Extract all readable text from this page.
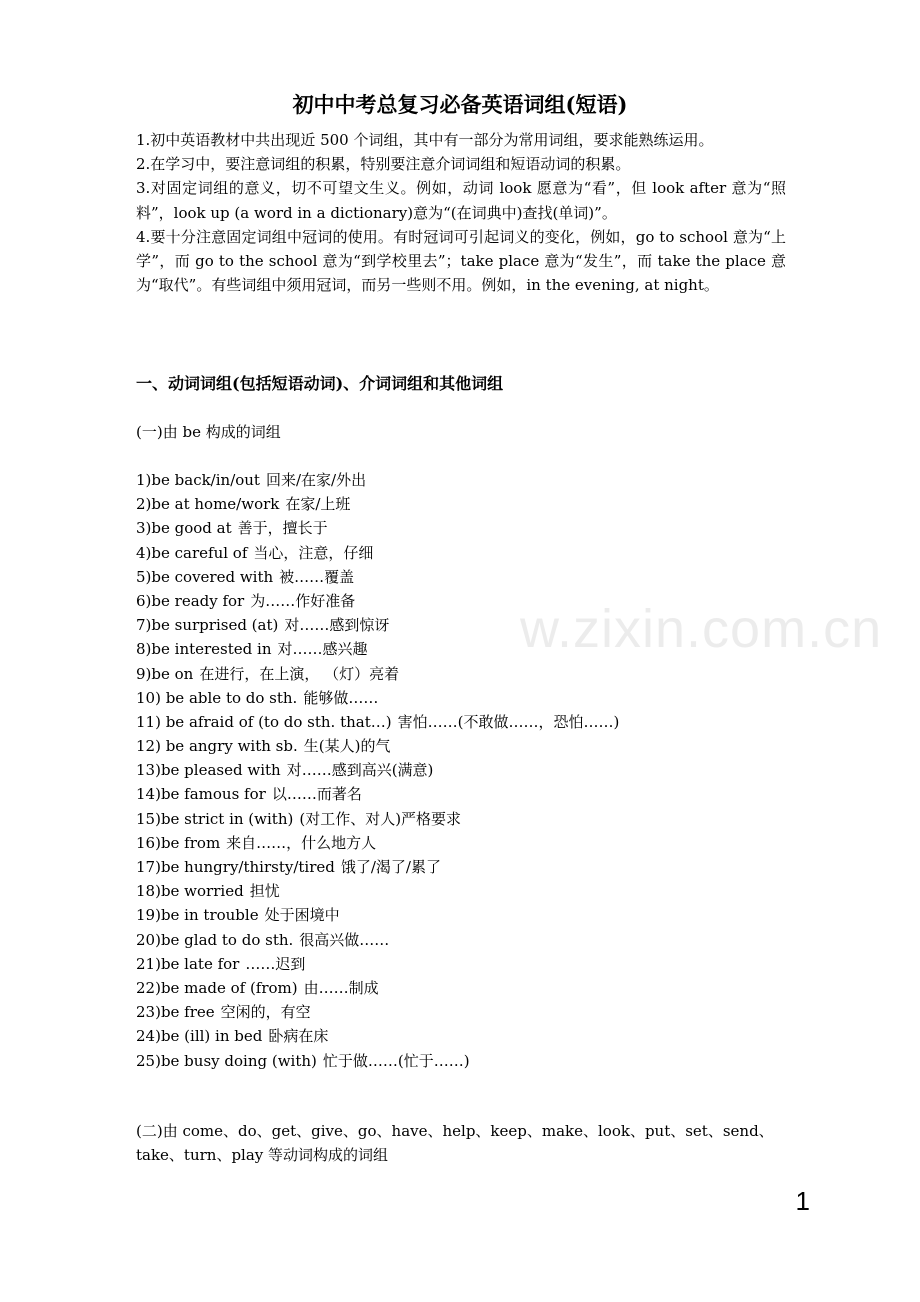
初中中考总复习必备英语词组(短语)

1.初中英语教材中共出现近 500 个词组，其中有一部分为常用词组，要求能熟练运用。

2.在学习中，要注意词组的积累，特别要注意介词词组和短语动词的积累。

3.对固定词组的意义，切不可望文生义。例如，动词 look 愿意为“看”，但 look after 意为“照料”，look up (a word in a dictionary)意为“(在词典中)查找(单词)”。

4.要十分注意固定词组中冠词的使用。有时冠词可引起词义的变化，例如，go to school 意为“上学”，而 go to the school 意为“到学校里去”；take place 意为“发生”，而 take the place 意为“取代”。有些词组中须用冠词，而另一些则不用。例如，in the evening, at night。

一、动词词组(包括短语动词)、介词词组和其他词组
(一)由 be 构成的词组
1)be back/in/out 回来/在家/外出
2)be at home/work 在家/上班
3)be good at 善于，擅长于
4)be careful of 当心，注意，仔细
5)be covered with 被……覆盖
6)be ready for 为……作好准备
7)be surprised (at) 对……感到惊讶
8)be interested in 对……感兴趣
9)be on 在进行，在上演， （灯）亮着
10) be able to do sth. 能够做……
11) be afraid of (to do sth. that…) 害怕……(不敢做……，恐怕……)
12) be angry with sb. 生(某人)的气
13)be pleased with 对……感到高兴(满意)
14)be famous for 以……而著名
15)be strict in (with) (对工作、对人)严格要求
16)be from 来自……，什么地方人
17)be hungry/thirsty/tired 饿了/渴了/累了
18)be worried 担忧
19)be in trouble 处于困境中
20)be glad to do sth. 很高兴做……
21)be late for ……迟到
22)be made of (from) 由……制成
23)be free 空闲的，有空
24)be (ill) in bed 卧病在床
25)be busy doing (with) 忙于做……(忙于……)

(二)由 come、do、get、give、go、have、help、keep、make、look、put、set、send、take、turn、play 等动词构成的词组

w.zixin.com.cn
1
